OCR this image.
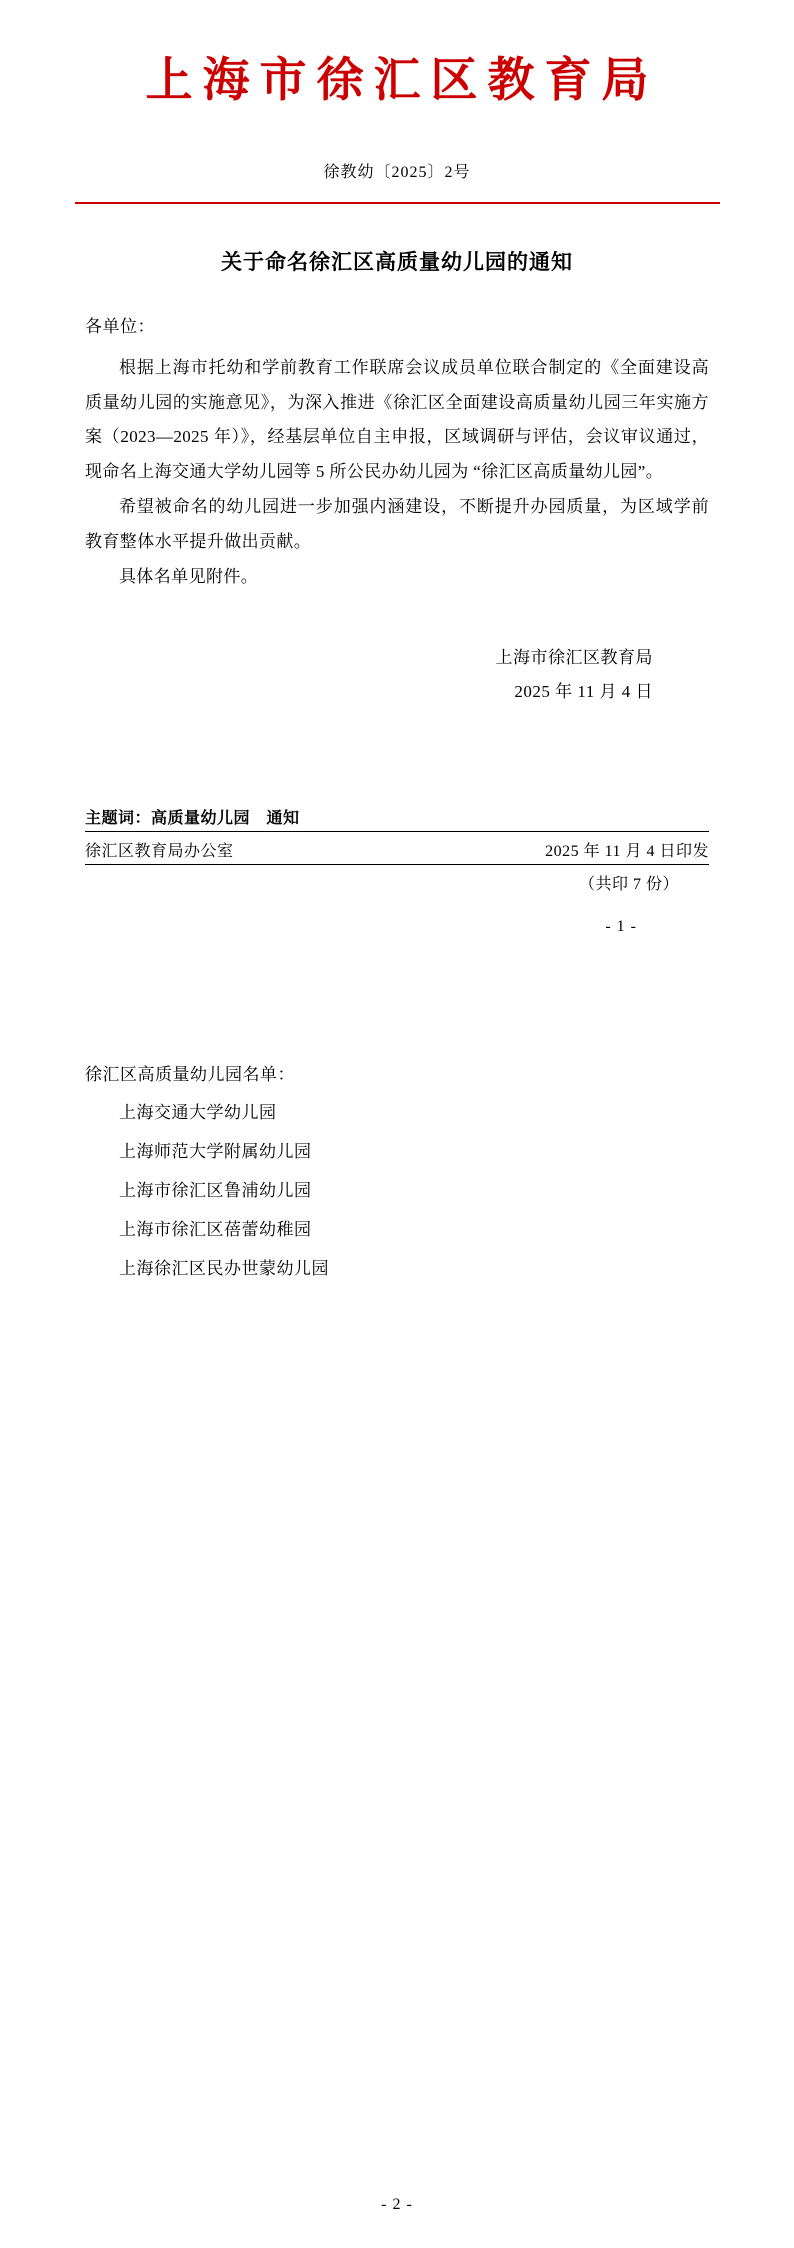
上海市徐汇区教育局
徐教幼〔2025〕2号
关于命名徐汇区高质量幼儿园的通知
各单位：

根据上海市托幼和学前教育工作联席会议成员单位联合制定的《全面建设高质量幼儿园的实施意见》，为深入推进《徐汇区全面建设高质量幼儿园三年实施方案（2023—2025 年）》，经基层单位自主申报，区域调研与评估，会议审议通过，现命名上海交通大学幼儿园等 5 所公民办幼儿园为 “徐汇区高质量幼儿园”。

希望被命名的幼儿园进一步加强内涵建设，不断提升办园质量，为区域学前教育整体水平提升做出贡献。

具体名单见附件。

上海市徐汇区教育局
2025 年 11 月 4 日
主题词：高质量幼儿园　通知
徐汇区教育局办公室	2025 年 11 月 4 日印发
（共印 7 份）
- 1 -
徐汇区高质量幼儿园名单：
上海交通大学幼儿园
上海师范大学附属幼儿园
上海市徐汇区鲁浦幼儿园
上海市徐汇区蓓蕾幼稚园
上海徐汇区民办世蒙幼儿园
- 2 -
